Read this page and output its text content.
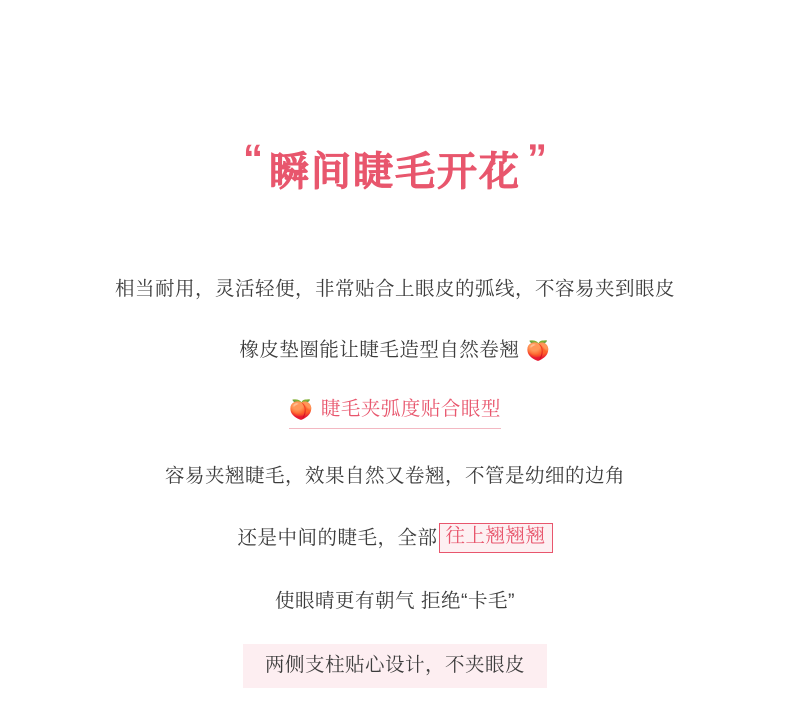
“ 瞬间睫毛开花 ”
相当耐用，灵活轻便，非常贴合上眼皮的弧线，不容易夹到眼皮
橡皮垫圈能让睫毛造型自然卷翘 🍑
🍑 睫毛夹弧度贴合眼型
容易夹翘睫毛，效果自然又卷翘，不管是幼细的边角
还是中间的睫毛，全部 往上翘翘翘
使眼晴更有朝气 拒绝“卡毛”
两侧支柱贴心设计，不夹眼皮
